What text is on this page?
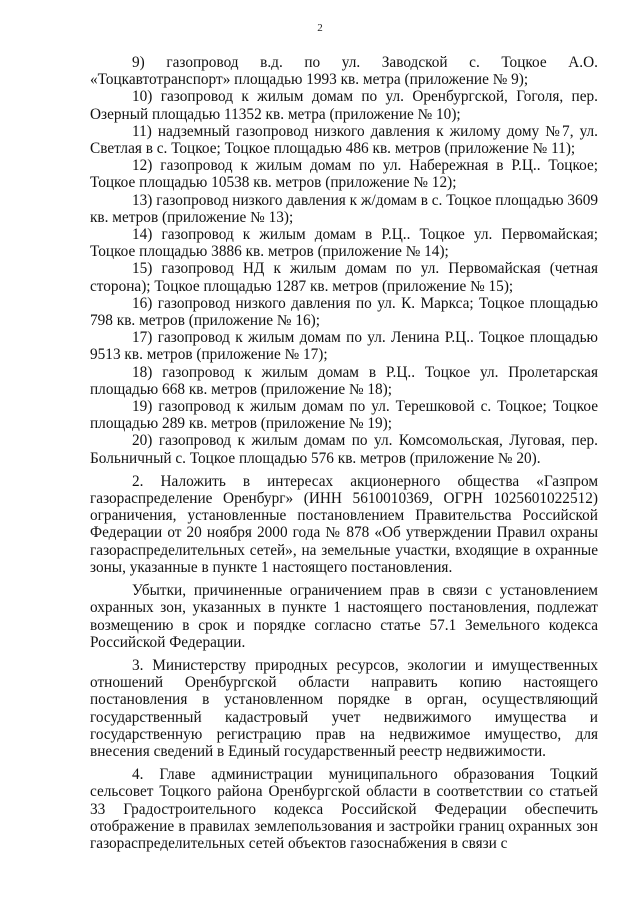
2

9) газопровод в.д. по ул. Заводской с. Тоцкое А.О. «Тоцкавтотранспорт» площадью 1993 кв. метра (приложение № 9);

10) газопровод к жилым домам по ул. Оренбургской, Гоголя, пер. Озерный площадью 11352 кв. метра (приложение № 10);

11) надземный газопровод низкого давления к жилому дому №7, ул. Светлая в с. Тоцкое; Тоцкое площадью 486 кв. метров (приложение № 11);

12) газопровод к жилым домам по ул. Набережная в Р.Ц.. Тоцкое; Тоцкое площадью 10538 кв. метров (приложение № 12);

13) газопровод низкого давления к ж/домам в с. Тоцкое площадью 3609 кв. метров (приложение № 13);

14) газопровод к жилым домам в Р.Ц.. Тоцкое ул. Первомайская; Тоцкое площадью 3886 кв. метров (приложение № 14);

15) газопровод НД к жилым домам по ул. Первомайская (четная сторона); Тоцкое площадью 1287 кв. метров (приложение № 15);

16) газопровод низкого давления по ул. К. Маркса; Тоцкое площадью 798 кв. метров (приложение № 16);

17) газопровод к жилым домам по ул. Ленина Р.Ц.. Тоцкое площадью 9513 кв. метров (приложение № 17);

18) газопровод к жилым домам в Р.Ц.. Тоцкое ул. Пролетарская площадью 668 кв. метров (приложение № 18);

19) газопровод к жилым домам по ул. Терешковой с. Тоцкое; Тоцкое площадью 289 кв. метров (приложение № 19);

20) газопровод к жилым домам по ул. Комсомольская, Луговая, пер. Больничный с. Тоцкое площадью 576 кв. метров (приложение № 20).

2. Наложить в интересах акционерного общества «Газпром газораспределение Оренбург» (ИНН 5610010369, ОГРН 1025601022512) ограничения, установленные постановлением Правительства Российской Федерации от 20 ноября 2000 года № 878 «Об утверждении Правил охраны газораспределительных сетей», на земельные участки, входящие в охранные зоны, указанные в пункте 1 настоящего постановления.

Убытки, причиненные ограничением прав в связи с установлением охранных зон, указанных в пункте 1 настоящего постановления, подлежат возмещению в срок и порядке согласно статье 57.1 Земельного кодекса Российской Федерации.

3. Министерству природных ресурсов, экологии и имущественных отношений Оренбургской области направить копию настоящего постановления в установленном порядке в орган, осуществляющий государственный кадастровый учет недвижимого имущества и государственную регистрацию прав на недвижимое имущество, для внесения сведений в Единый государственный реестр недвижимости.

4. Главе администрации муниципального образования Тоцкий сельсовет Тоцкого района Оренбургской области в соответствии со статьей 33 Градостроительного кодекса Российской Федерации обеспечить отображение в правилах землепользования и застройки границ охранных зон газораспределительных сетей объектов газоснабжения в связи с
